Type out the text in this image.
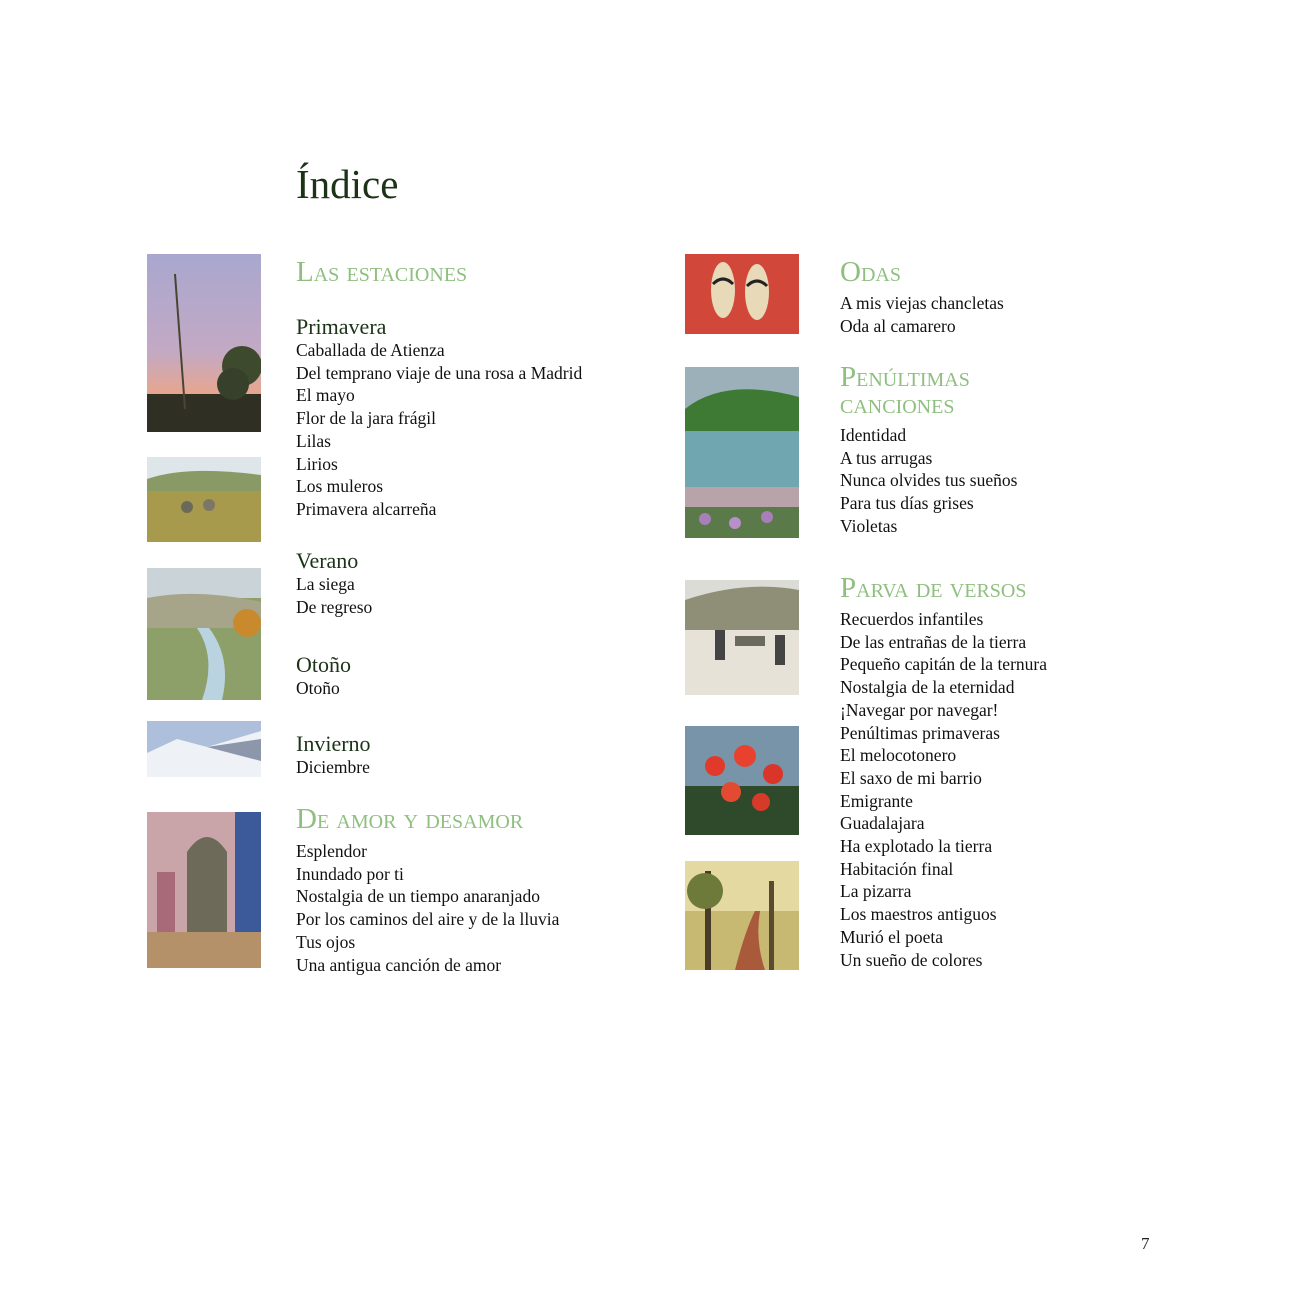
Índice
Las estaciones
Primavera
Caballada de Atienza
Del temprano viaje de una rosa a Madrid
El mayo
Flor de la jara frágil
Lilas
Lirios
Los muleros
Primavera alcarreña
Verano
La siega
De regreso
Otoño
Otoño
Invierno
Diciembre
De amor y desamor
Esplendor
Inundado por ti
Nostalgia de un tiempo anaranjado
Por los caminos del aire y de la lluvia
Tus ojos
Una antigua canción de amor
Odas
A mis viejas chancletas
Oda al camarero
Penúltimas
canciones
Identidad
A tus arrugas
Nunca olvides tus sueños
Para tus días grises
Violetas
Parva de versos
Recuerdos infantiles
De las entrañas de la tierra
Pequeño capitán de la ternura
Nostalgia de la eternidad
¡Navegar por navegar!
Penúltimas primaveras
El melocotonero
El saxo de mi barrio
Emigrante
Guadalajara
Ha explotado la tierra
Habitación final
La pizarra
Los maestros antiguos
Murió el poeta
Un sueño de colores
7
